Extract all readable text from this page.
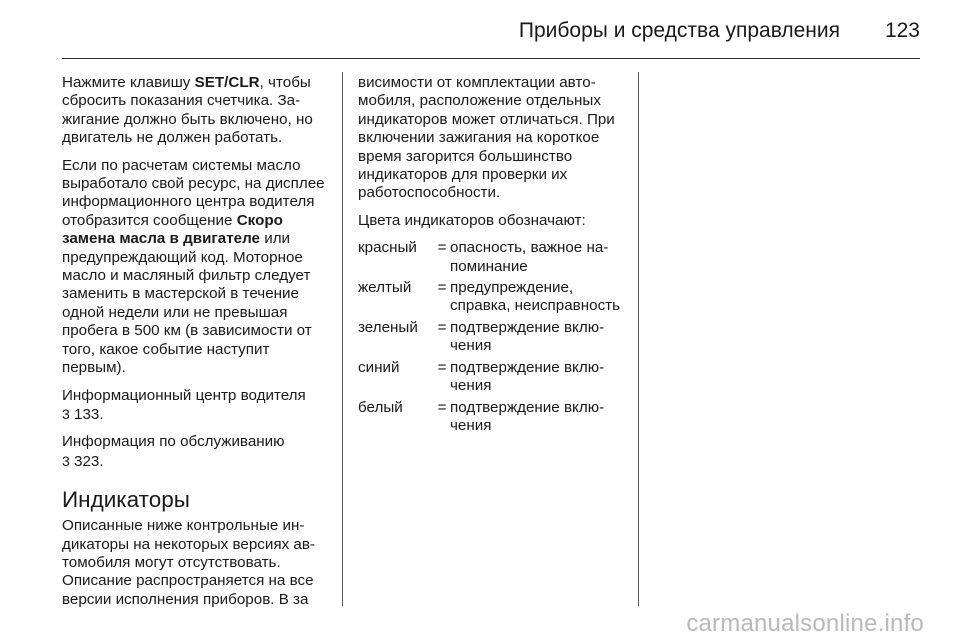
Приборы и средства управления 123

Нажмите клавишу SET/CLR, чтобы сбросить показания счетчика. Зажигание должно быть включено, но двигатель не должен работать.

Если по расчетам системы масло выработало свой ресурс, на дисплее информационного центра водителя отобразится сообщение Скоро замена масла в двигателе или предупреждающий код. Моторное масло и масляный фильтр следует заменить в мастерской в течение одной недели или не превышая пробега в 500 км (в зависимости от того, какое событие наступит первым).

Информационный центр водителя
3 133.

Информация по обслуживанию
3 323.

Индикаторы

Описанные ниже контрольные индикаторы на некоторых версиях автомобиля могут отсутствовать. Описание распространяется на все версии исполнения приборов. В за

висимости от комплектации автомобиля, расположение отдельных индикаторов может отличаться. При включении зажигания на короткое время загорится большинство индикаторов для проверки их работоспособности.

Цвета индикаторов обозначают:

красный	= опасность, важное напоминание
желтый	= предупреждение, справка, неисправность
зеленый	= подтверждение включения
синий	= подтверждение включения
белый	= подтверждение включения
carmanualsonline.info
